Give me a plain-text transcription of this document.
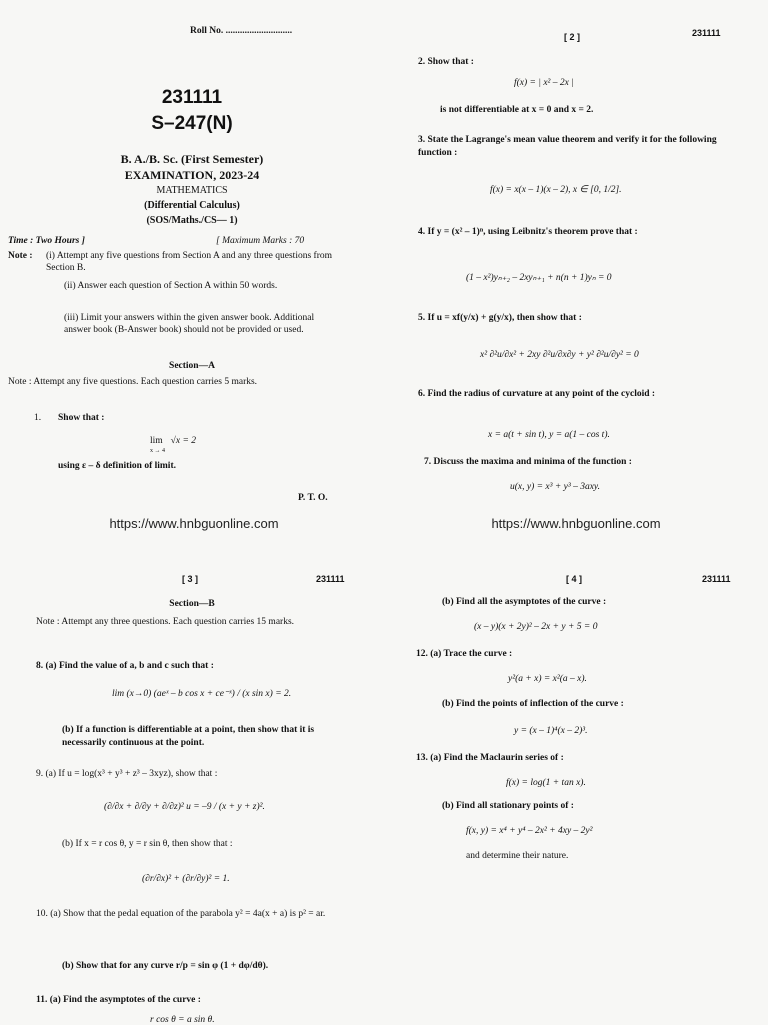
Roll No. ............................
231111
S–247(N)
B. A./B. Sc. (First Semester)
EXAMINATION, 2023-24
MATHEMATICS
(Differential Calculus)
(SOS/Maths./CS— 1)
Time : Two Hours ]	[ Maximum Marks : 70
Note : (i) Attempt any five questions from Section A and any three questions from Section B.
(ii) Answer each question of Section A within 50 words.
(iii) Limit your answers within the given answer book. Additional answer book (B-Answer book) should not be provided or used.
Section—A
Note : Attempt any five questions. Each question carries 5 marks.
1. Show that :
lim √x = 2
x → 4
using ε – δ definition of limit.
P. T. O.
https://www.hnbguonline.com
[ 2 ]	231111
2. Show that :
f(x) = | x² – 2x |
is not differentiable at x = 0 and x = 2.
3. State the Lagrange's mean value theorem and verify it for the following function :
f(x) = x(x – 1)(x – 2), x ∈ [0, 1/2].
4. If y = (x² – 1)ⁿ, using Leibnitz's theorem prove that :
(1 – x²)yₙ₊₂ – 2xyₙ₊₁ + n(n + 1)yₙ = 0
5. If u = xf(y/x) + g(y/x), then show that :
x² ∂²u/∂x² + 2xy ∂²u/∂x∂y + y² ∂²u/∂y² = 0
6. Find the radius of curvature at any point of the cycloid :
x = a(t + sin t), y = a(1 – cos t).
7. Discuss the maxima and minima of the function :
u(x, y) = x³ + y³ – 3axy.
https://www.hnbguonline.com
[ 3 ]	231111
Section—B
Note : Attempt any three questions. Each question carries 15 marks.
8. (a) Find the value of a, b and c such that :
lim (x→0) (aeˣ – b cos x + ce⁻ˣ) / (x sin x) = 2.
(b) If a function is differentiable at a point, then show that it is necessarily continuous at the point.
9. (a) If u = log(x³ + y³ + z³ – 3xyz), show that :
(∂/∂x + ∂/∂y + ∂/∂z)² u = –9 / (x + y + z)².
(b) If x = r cos θ, y = r sin θ, then show that :
(∂r/∂x)² + (∂r/∂y)² = 1.
10. (a) Show that the pedal equation of the parabola y² = 4a(x + a) is p² = ar.
(b) Show that for any curve r/p = sin φ (1 + dφ/dθ).
11. (a) Find the asymptotes of the curve :
r cos θ = a sin θ.
[ 4 ]	231111
(b) Find all the asymptotes of the curve :
(x – y)(x + 2y)² – 2x + y + 5 = 0
12. (a) Trace the curve :
y²(a + x) = x²(a – x).
(b) Find the points of inflection of the curve :
y = (x – 1)⁴(x – 2)³.
13. (a) Find the Maclaurin series of :
f(x) = log(1 + tan x).
(b) Find all stationary points of :
f(x, y) = x⁴ + y⁴ – 2x² + 4xy – 2y²
and determine their nature.
